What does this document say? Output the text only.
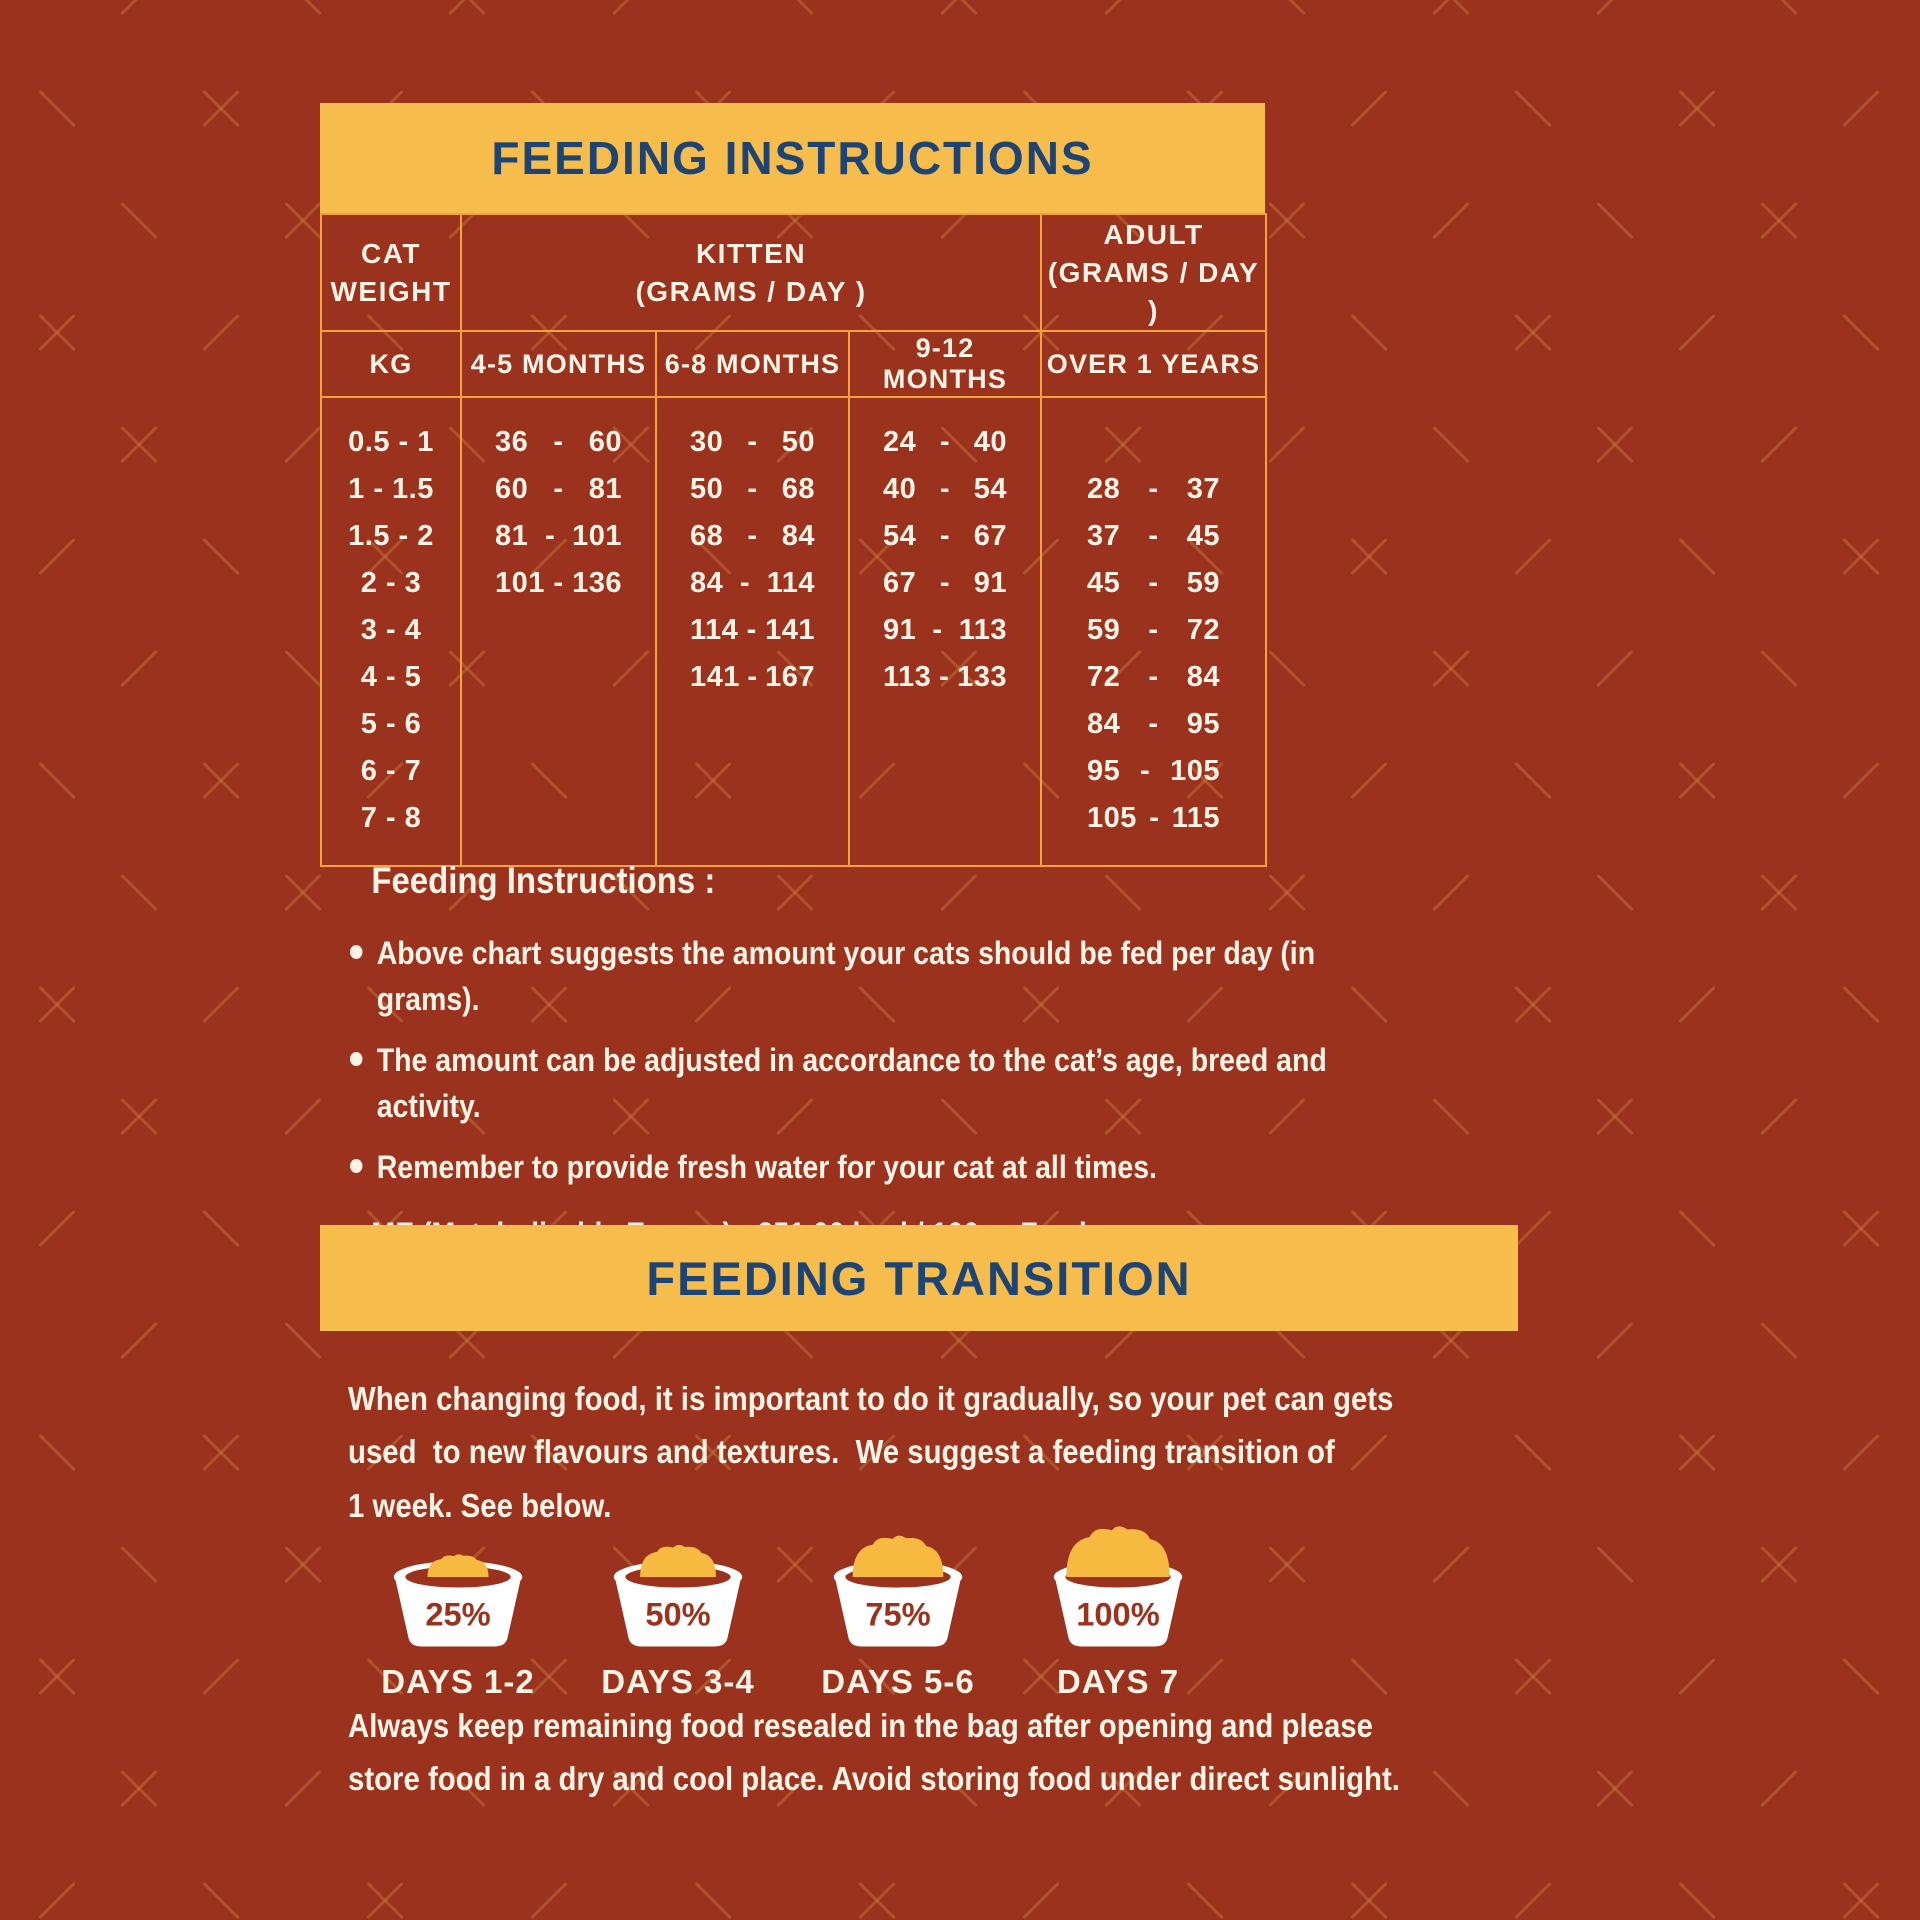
FEEDING INSTRUCTIONS
CAT
WEIGHT

KITTEN
(GRAMS / DAY )

ADULT
(GRAMS / DAY )

KG	4-5 MONTHS	6-8 MONTHS	9-12 MONTHS	OVER 1 YEARS
0.5 - 1	36 - 60	30 - 50	24 - 40	

1 - 1.5	60 - 81	50 - 68	40 - 54	28 - 37

1.5 - 2	81 - 101	68 - 84	54 - 67	37 - 45

2 - 3	101 - 136	84 - 114	67 - 91	45 - 59

3 - 4		114 - 141	91 - 113	59 - 72

4 - 5		141 - 167	113 - 133	72 - 84

5 - 6				84 - 95

6 - 7				95 - 105

7 - 8				105 - 115
Feeding Instructions :
Above chart suggests the amount your cats should be fed per day (in grams).
The amount can be adjusted in accordance to the cat’s age, breed and activity.
Remember to provide fresh water for your cat at all times.
FEEDING TRANSITION
When changing food, it is important to do it gradually, so your pet can gets
used  to new flavours and textures.  We suggest a feeding transition of
1 week. See below.
25%
DAYS 1-2
50%
DAYS 3-4
75%
DAYS 5-6
100%
DAYS 7
Always keep remaining food resealed in the bag after opening and please
store food in a dry and cool place. Avoid storing food under direct sunlight.
